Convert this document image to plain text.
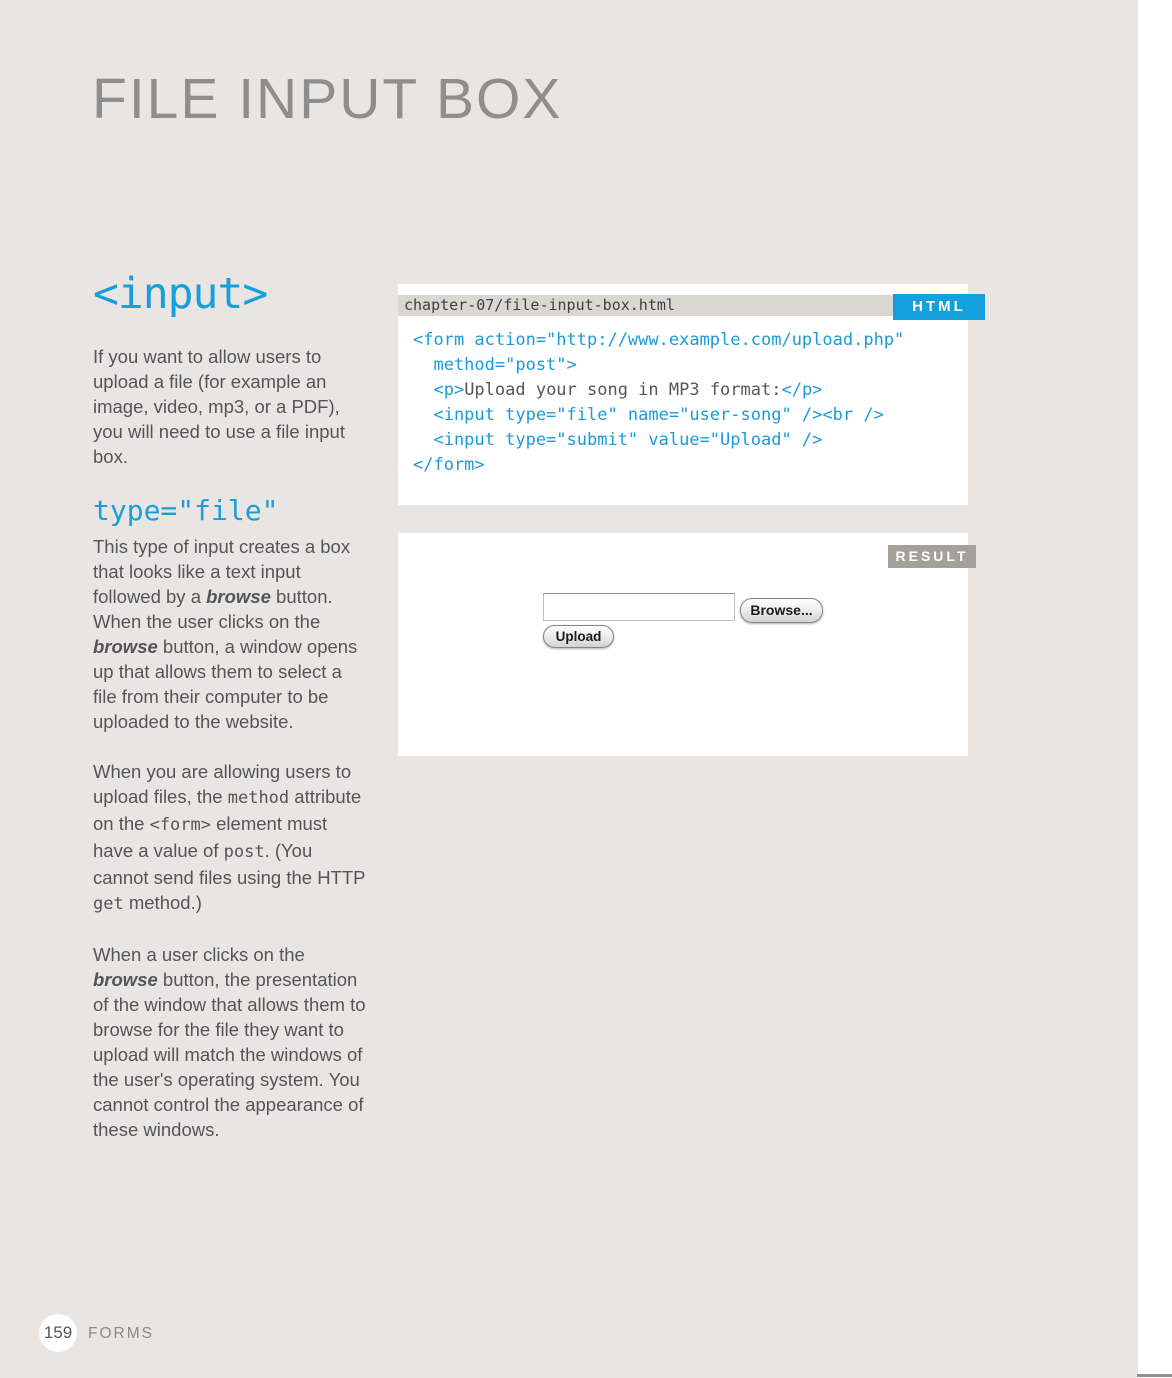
FILE INPUT BOX
<input>

If you want to allow users to upload a file (for example an image, video, mp3, or a PDF), you will need to use a file input box.

type="file"

This type of input creates a box that looks like a text input followed by a browse button. When the user clicks on the browse button, a window opens up that allows them to select a file from their computer to be uploaded to the website.

When you are allowing users to upload files, the method attribute on the <form> element must have a value of post. (You cannot send files using the HTTP get method.)

When a user clicks on the browse button, the presentation of the window that allows them to browse for the file they want to upload will match the windows of the user's operating system. You cannot control the appearance of these windows.

chapter-07/file-input-box.html	HTML
<form action="http://www.example.com/upload.php"
method="post">
<p>Upload your song in MP3 format:</p>
<input type="file" name="user-song" /><br />
<input type="submit" value="Upload" />
</form>
RESULT
Browse...
Upload
159	FORMS
